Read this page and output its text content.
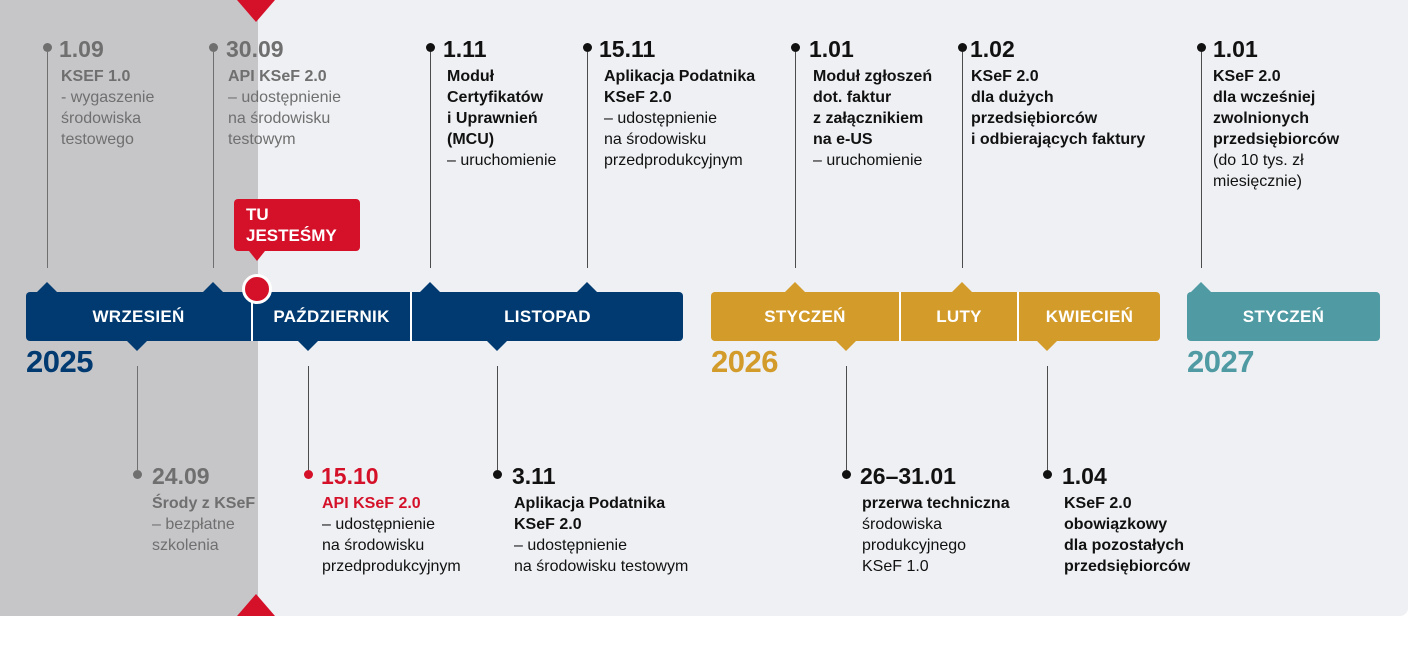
WRZESIEŃ	PAŹDZIERNIK	LISTOPAD	STYCZEŃ	LUTY	KWIECIEŃ	STYCZEŃ
2025	2026	2027
1.09
KSEF 1.0
- wygaszenie
środowiska
testowego
30.09
API KSeF 2.0
– udostępnienie
na środowisku
testowym
1.11
Moduł
Certyfikatów
i Uprawnień
(MCU)
– uruchomienie
15.11
Aplikacja Podatnika
KSeF 2.0
– udostępnienie
na środowisku
przedprodukcyjnym
1.01
Moduł zgłoszeń
dot. faktur
z załącznikiem
na e-US
– uruchomienie
1.02
KSeF 2.0
dla dużych
przedsiębiorców
i odbierających faktury
1.01
KSeF 2.0
dla wcześniej
zwolnionych
przedsiębiorców
(do 10 tys. zł
miesięcznie)
24.09
Środy z KSeF
– bezpłatne
szkolenia
15.10
API KSeF 2.0
– udostępnienie
na środowisku
przedprodukcyjnym
3.11
Aplikacja Podatnika
KSeF 2.0
– udostępnienie
na środowisku testowym
26–31.01
przerwa techniczna
środowiska
produkcyjnego
KSeF 1.0
1.04
KSeF 2.0
obowiązkowy
dla pozostałych
przedsiębiorców
TU
JESTEŚMY
